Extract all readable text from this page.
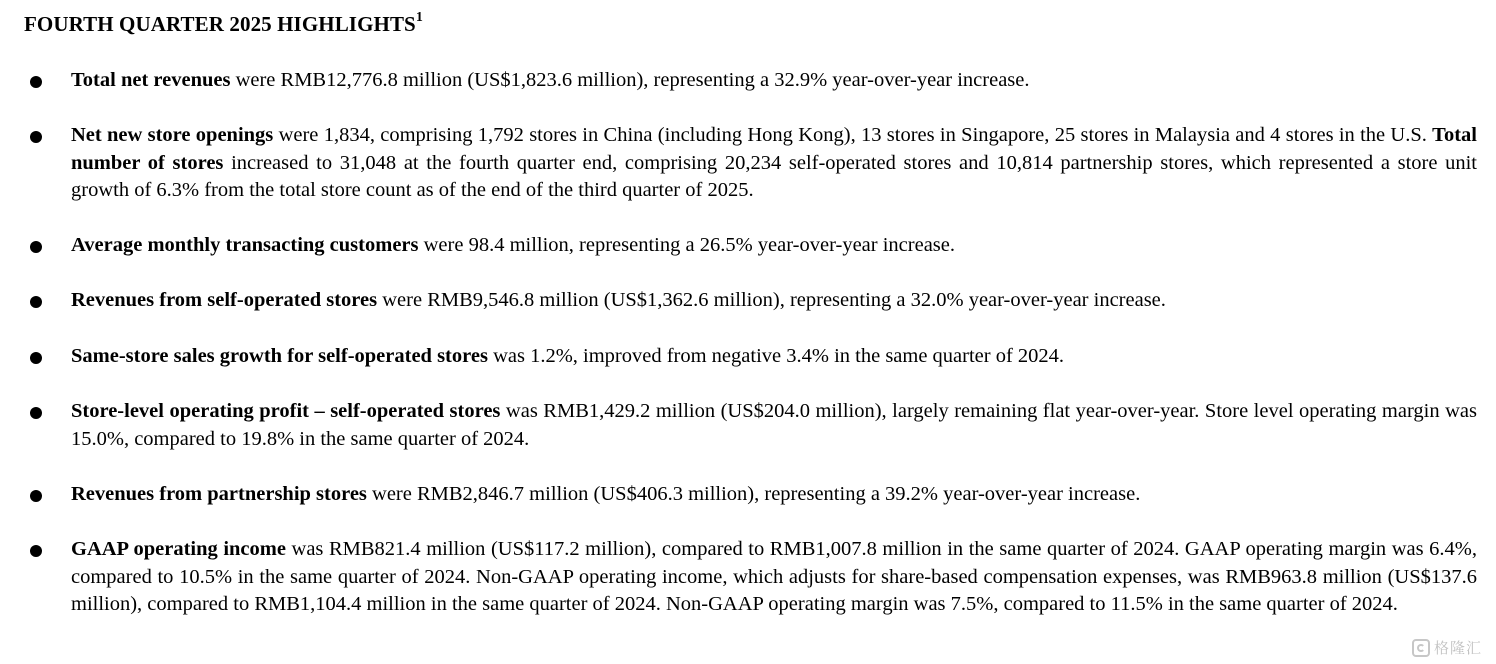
FOURTH QUARTER 2025 HIGHLIGHTS$^1$
Total net revenues were RMB12,776.8 million (US$1,823.6 million), representing a 32.9% year-over-year increase.
Net new store openings were 1,834, comprising 1,792 stores in China (including Hong Kong), 13 stores in Singapore, 25 stores in Malaysia and 4 stores in the U.S. Total number of stores increased to 31,048 at the fourth quarter end, comprising 20,234 self-operated stores and 10,814 partnership stores, which represented a store unit growth of 6.3% from the total store count as of the end of the third quarter of 2025.
Average monthly transacting customers were 98.4 million, representing a 26.5% year-over-year increase.
Revenues from self-operated stores were RMB9,546.8 million (US$1,362.6 million), representing a 32.0% year-over-year increase.
Same-store sales growth for self-operated stores was 1.2%, improved from negative 3.4% in the same quarter of 2024.
Store-level operating profit – self-operated stores was RMB1,429.2 million (US$204.0 million), largely remaining flat year-over-year. Store level operating margin was 15.0%, compared to 19.8% in the same quarter of 2024.
Revenues from partnership stores were RMB2,846.7 million (US$406.3 million), representing a 39.2% year-over-year increase.
GAAP operating income was RMB821.4 million (US$117.2 million), compared to RMB1,007.8 million in the same quarter of 2024. GAAP operating margin was 6.4%, compared to 10.5% in the same quarter of 2024. Non-GAAP operating income, which adjusts for share-based compensation expenses, was RMB963.8 million (US$137.6 million), compared to RMB1,104.4 million in the same quarter of 2024. Non-GAAP operating margin was 7.5%, compared to 11.5% in the same quarter of 2024.
格隆汇
